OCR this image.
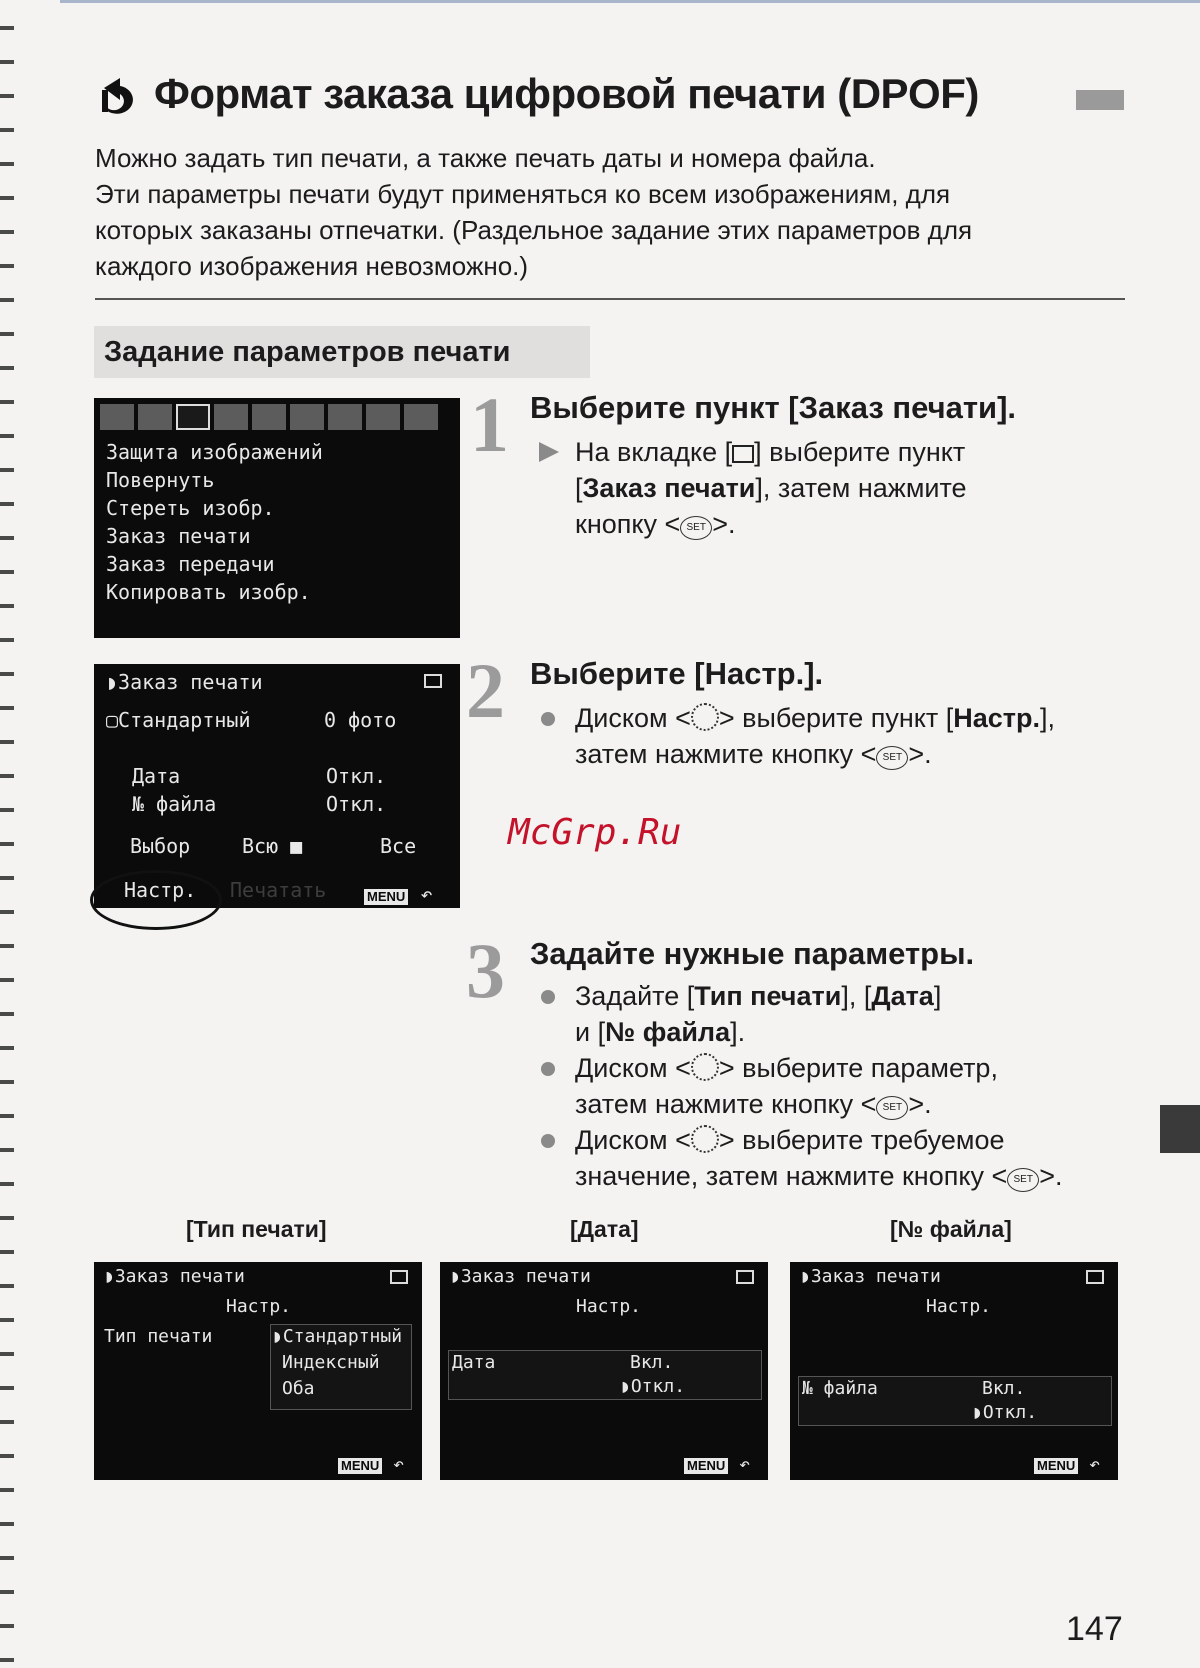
Формат заказа цифровой печати (DPOF)
Можно задать тип печати, а также печать даты и номера файла.
Эти параметры печати будут применяться ко всем изображениям, для
которых заказаны отпечатки. (Раздельное задание этих параметров для
каждого изображения невозможно.)
Задание параметров печати
Защита изображений
Повернуть
Стереть изобр.
Заказ печати
Заказ передачи
Копировать изобр.
◗Заказ печати
▢Стандартный	0 фото
Дата	Откл.
№ файла	Откл.
Выбор	Всю ■	Все
Настр. Печатать	MENU ↶
1 Выберите пункт [Заказ печати].
На вкладке [ ] выберите пункт
[Заказ печати], затем нажмите
кнопку < SET >.
2 Выберите [Настр.].
Диском < > выберите пункт [Настр.],
затем нажмите кнопку < SET >.
McGrp.Ru
3 Задайте нужные параметры.
Задайте [Тип печати], [Дата]
и [№ файла].
Диском < > выберите параметр,
затем нажмите кнопку < SET >.
Диском < > выберите требуемое
значение, затем нажмите кнопку < SET >.
[Тип печати]	[Дата]	[№ файла]
◗Заказ печати
Настр.
Тип печати	◗Стандартный
Индексный
Оба
MENU ↶
◗Заказ печати
Настр.
Дата	Вкл.
◗Откл.
MENU ↶
◗Заказ печати
Настр.
№ файла	Вкл.
◗Откл.
MENU ↶
147
